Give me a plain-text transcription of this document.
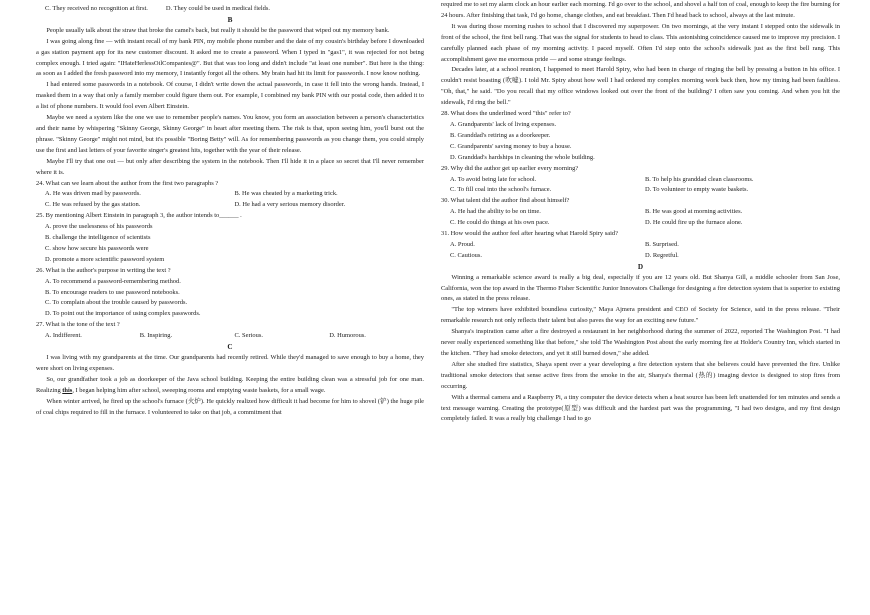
C. They received no recognition at first.	D. They could be used in medical fields.

B

People usually talk about the straw that broke the camel's back, but really it should be the password that wiped out my memory bank.

I was going along fine — with instant recall of my bank PIN, my mobile phone number and the date of my cousin's birthday before I downloaded a gas station payment app for its new customer discount. It asked me to create a password. When I typed in "gas1", it was rejected for not being complex enough. I tried again: "IHateHerlessOilCompanies@". But that was too long and didn't include "at least one number". But here is the thing: as soon as I added the fresh password into my memory, I instantly forgot all the others. My brain had hit its limit for passwords. I now know nothing.

I had entered some passwords in a notebook. Of course, I didn't write down the actual passwords, in case it fell into the wrong hands. Instead, I masked them in a way that only a family member could figure them out. For example, I combined my bank PIN with our postal code, then added it to a list of phone numbers. It would fool even Albert Einstein.

Maybe we need a system like the one we use to remember people's names. You know, you form an association between a person's characteristics and their name by whispering "Skinny George, Skinny George" in heart after meeting them. The risk is that, upon seeing him, you'll burst out the phrase. "Skinny George" might not mind, but it's possible "Boring Betty" will. As for remembering passwords as you change them, you could simply use the first and last letters of your favorite singer's greatest hits, together with the year of their release.

Maybe I'll try that one out — but only after describing the system in the notebook. Then I'll hide it in a place so secret that I'll never remember where it is.

24. What can we learn about the author from the first two paragraphs ?

A. He was driven mad by passwords.	B. He was cheated by a marketing trick.
C. He was refused by the gas station.	D. He had a very serious memory disorder.

25. By mentioning Albert Einstein in paragraph 3, the author intends to______ .

A. prove the uselessness of his passwords

B. challenge the intelligence of scientists

C. show how secure his passwords were

D. promote a more scientific password system

26. What is the author's purpose in writing the text ?

A. To recommend a password-remembering method.

B. To encourage readers to use password notebooks.

C. To complain about the trouble caused by passwords.

D. To point out the importance of using complex passwords.

27. What is the tone of the text ?

A. Indifferent.	B. Inspiring.	C. Serious.	D. Humorous.

C

I was living with my grandparents at the time. Our grandparents had recently retired. While they'd managed to save enough to buy a home, they were short on living expenses.

So, our grandfather took a job as doorkeeper of the Java school building. Keeping the entire building clean was a stressful job for one man. Realizing this, I began helping him after school, sweeping rooms and emptying waste baskets, for a small wage.

When winter arrived, he fired up the school's furnace (火炉). He quickly realized how difficult it had become for him to shovel (铲) the huge pile of coal chips required to fill in the furnace. I volunteered to take on that job, a commitment that

required me to set my alarm clock an hour earlier each morning. I'd go over to the school, and shovel a half ton of coal, enough to keep the fire burning for 24 hours. After finishing that task, I'd go home, change clothes, and eat breakfast. Then I'd head back to school, always at the last minute.

It was during those morning rushes to school that I discovered my superpower. On two mornings, at the very instant I stepped onto the sidewalk in front of the school, the first bell rang. That was the signal for students to head to class. This astonishing coincidence caused me to improve my precision. I carefully planned each phase of my morning activity. I paced myself. Often I'd step onto the school's sidewalk just as the first bell rang. This accomplishment gave me enormous pride — and some strange feelings.

Decades later, at a school reunion, I happened to meet Harold Spiry, who had been in charge of ringing the bell by pressing a button in his office. I couldn't resist boasting (吹嘘). I told Mr. Spiry about how well I had ordered my complex morning work back then, how my timing had been faultless. "Oh, that," he said. "Do you recall that my office windows looked out over the front of the building? I often saw you coming. And when you hit the sidewalk, I'd ring the bell."

28. What does the underlined word "this" refer to?

A. Grandparents' lack of living expenses.

B. Granddad's retiring as a doorkeeper.

C. Grandparents' saving money to buy a house.

D. Granddad's hardships in cleaning the whole building.

29. Why did the author get up earlier every morning?

A. To avoid being late for school.	B. To help his granddad clean classrooms.
C. To fill coal into the school's furnace.	D. To volunteer to empty waste baskets.

30. What talent did the author find about himself?

A. He had the ability to be on time.	B. He was good at morning activities.
C. He could do things at his own pace.	D. He could fire up the furnace alone.

31. How would the author feel after hearing what Harold Spiry said?

A. Proud.	B. Surprised.
C. Cautious.	D. Regretful.

D

Winning a remarkable science award is really a big deal, especially if you are 12 years old. But Shanya Gill, a middle schooler from San Jose, California, won the top award in the Thermo Fisher Scientific Junior Innovators Challenge for designing a fire detection system that is superior to existing ones, as stated in the press release.

"The top winners have exhibited boundless curiosity," Maya Ajmera president and CEO of Society for Science, said in the press release. "Their remarkable research not only reflects their talent but also paves the way for an exciting new future."

Shanya's inspiration came after a fire destroyed a restaurant in her neighborhood during the summer of 2022, reported The Washington Post. "I had never really experienced something like that before," she told The Washington Post about the early morning fire at Holder's Country Inn, which started in the kitchen. "They had smoke detectors, and yet it still burned down," she added.

After she studied fire statistics, Shaya spent over a year developing a fire detection system that she believes could have prevented the fire. Unlike traditional smoke detectors that sense active fires from the smoke in the air, Shanya's thermal (热的) imaging device is designed to stop fires from occurring.

With a thermal camera and a Raspberry Pi, a tiny computer the device detects when a heat source has been left unattended for ten minutes and sends a text message warning. Creating the prototype(原型) was difficult and the hardest part was the programming, "I had two designs, and my first design completely failed. It was a really big challenge I had to go
